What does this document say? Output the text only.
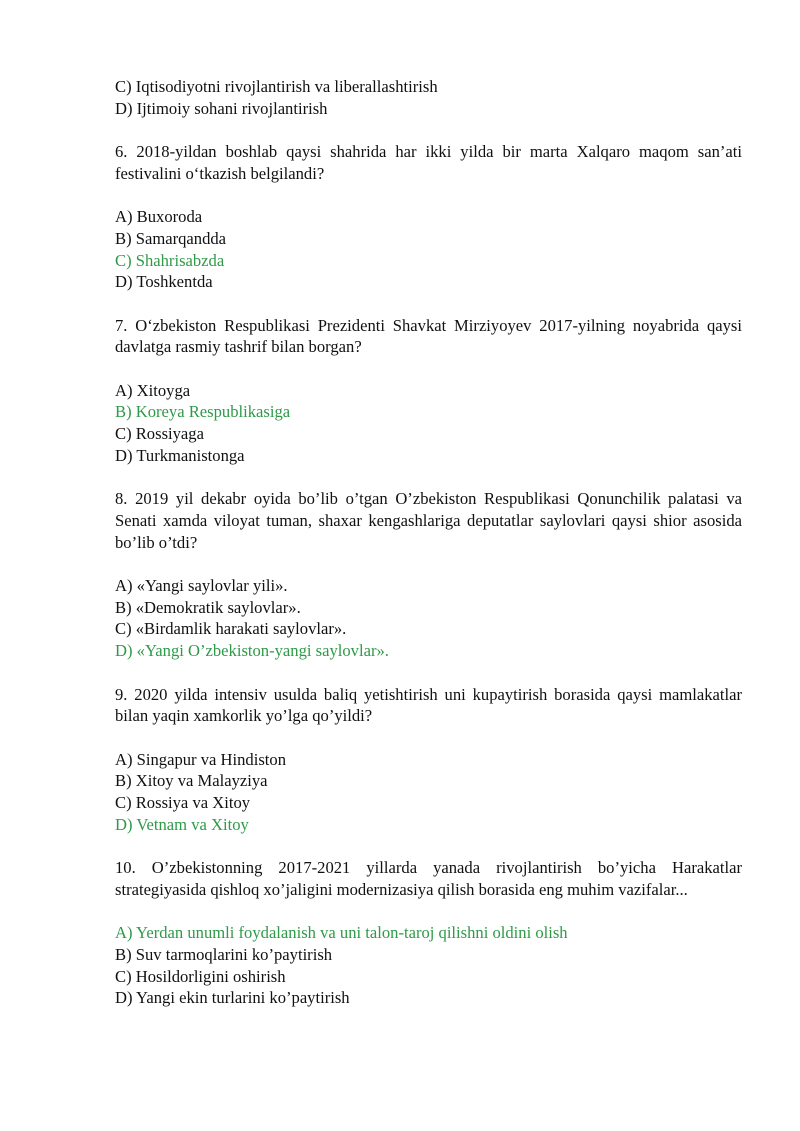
C) Iqtisodiyotni rivojlantirish va liberallashtirish
D) Ijtimoiy sohani rivojlantirish

6. 2018-yildan boshlab qaysi shahrida har ikki yilda bir marta Xalqaro maqom san’ati festivalini o‘tkazish belgilandi?

A) Buxoroda
B) Samarqandda
C) Shahrisabzda
D) Toshkentda

7. O‘zbekiston Respublikasi Prezidenti Shavkat Mirziyoyev 2017-yilning noyabrida qaysi davlatga rasmiy tashrif bilan borgan?

A) Xitoyga
B) Koreya Respublikasiga
C) Rossiyaga
D) Turkmanistonga

8. 2019 yil dekabr oyida bo’lib o’tgan O’zbekiston Respublikasi Qonunchilik palatasi va Senati xamda viloyat tuman, shaxar kengashlariga deputatlar saylovlari qaysi shior asosida bo’lib o’tdi?

A) «Yangi saylovlar yili».
B) «Demokratik saylovlar».
C) «Birdamlik harakati saylovlar».
D) «Yangi O’zbekiston-yangi saylovlar».

9. 2020 yilda intensiv usulda baliq yetishtirish uni kupaytirish borasida qaysi mamlakatlar bilan yaqin xamkorlik yo’lga qo’yildi?

A) Singapur va Hindiston
B) Xitoy va Malayziya
C) Rossiya va Xitoy
D) Vetnam va Xitoy

10. O’zbekistonning 2017-2021 yillarda yanada rivojlantirish bo’yicha Harakatlar strategiyasida qishloq xo’jaligini modernizasiya qilish borasida eng muhim vazifalar...

A) Yerdan unumli foydalanish va uni talon-taroj qilishni oldini olish
B) Suv tarmoqlarini ko’paytirish
C) Hosildorligini oshirish
D) Yangi ekin turlarini ko’paytirish
